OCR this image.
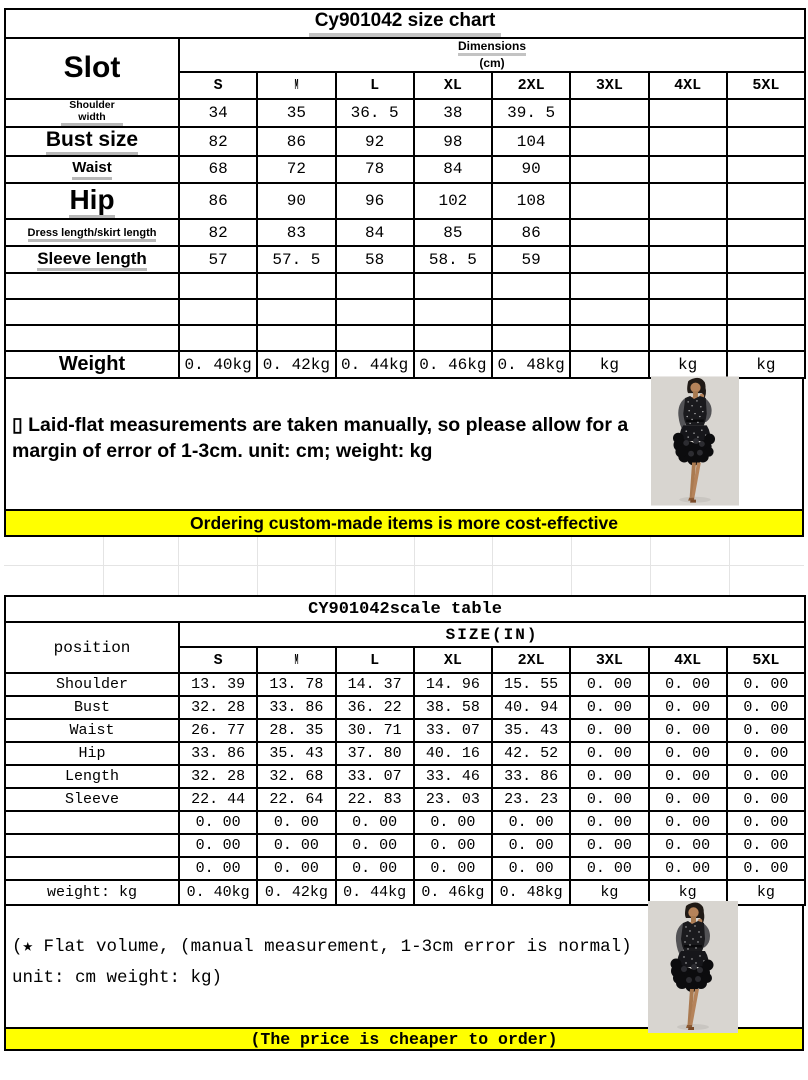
Cy901042 size chart								
Slot	Dimensions
(cm)							
	S	M	L	XL	2XL	3XL	4XL	5XL
Shoulder width	34	35	36. 5	38	39. 5			
Bust size	82	86	92	98	104			
Waist	68	72	78	84	90			
Hip	86	90	96	102	108			
Dress length/skirt length	82	83	84	85	86			
Sleeve length	57	57. 5	58	58. 5	59			

Weight	0. 40kg	0. 42kg	0. 44kg	0. 46kg	0. 48kg	kg	kg	kg
▯ Laid-flat measurements are taken manually, so please allow for a margin of error of 1-3cm. unit: cm; weight: kg
Ordering custom-made items is more cost-effective
CY901042scale table								
position	SIZE(IN)							
	S	M	L	XL	2XL	3XL	4XL	5XL
Shoulder	13. 39	13. 78	14. 37	14. 96	15. 55	0. 00	0. 00	0. 00
Bust	32. 28	33. 86	36. 22	38. 58	40. 94	0. 00	0. 00	0. 00
Waist	26. 77	28. 35	30. 71	33. 07	35. 43	0. 00	0. 00	0. 00
Hip	33. 86	35. 43	37. 80	40. 16	42. 52	0. 00	0. 00	0. 00
Length	32. 28	32. 68	33. 07	33. 46	33. 86	0. 00	0. 00	0. 00
Sleeve	22. 44	22. 64	22. 83	23. 03	23. 23	0. 00	0. 00	0. 00
	0. 00	0. 00	0. 00	0. 00	0. 00	0. 00	0. 00	0. 00
	0. 00	0. 00	0. 00	0. 00	0. 00	0. 00	0. 00	0. 00
	0. 00	0. 00	0. 00	0. 00	0. 00	0. 00	0. 00	0. 00
weight: kg	0. 40kg	0. 42kg	0. 44kg	0. 46kg	0. 48kg	kg	kg	kg
(★ Flat volume, (manual measurement, 1-3cm error is normal) unit: cm weight: kg)
(The price is cheaper to order)
